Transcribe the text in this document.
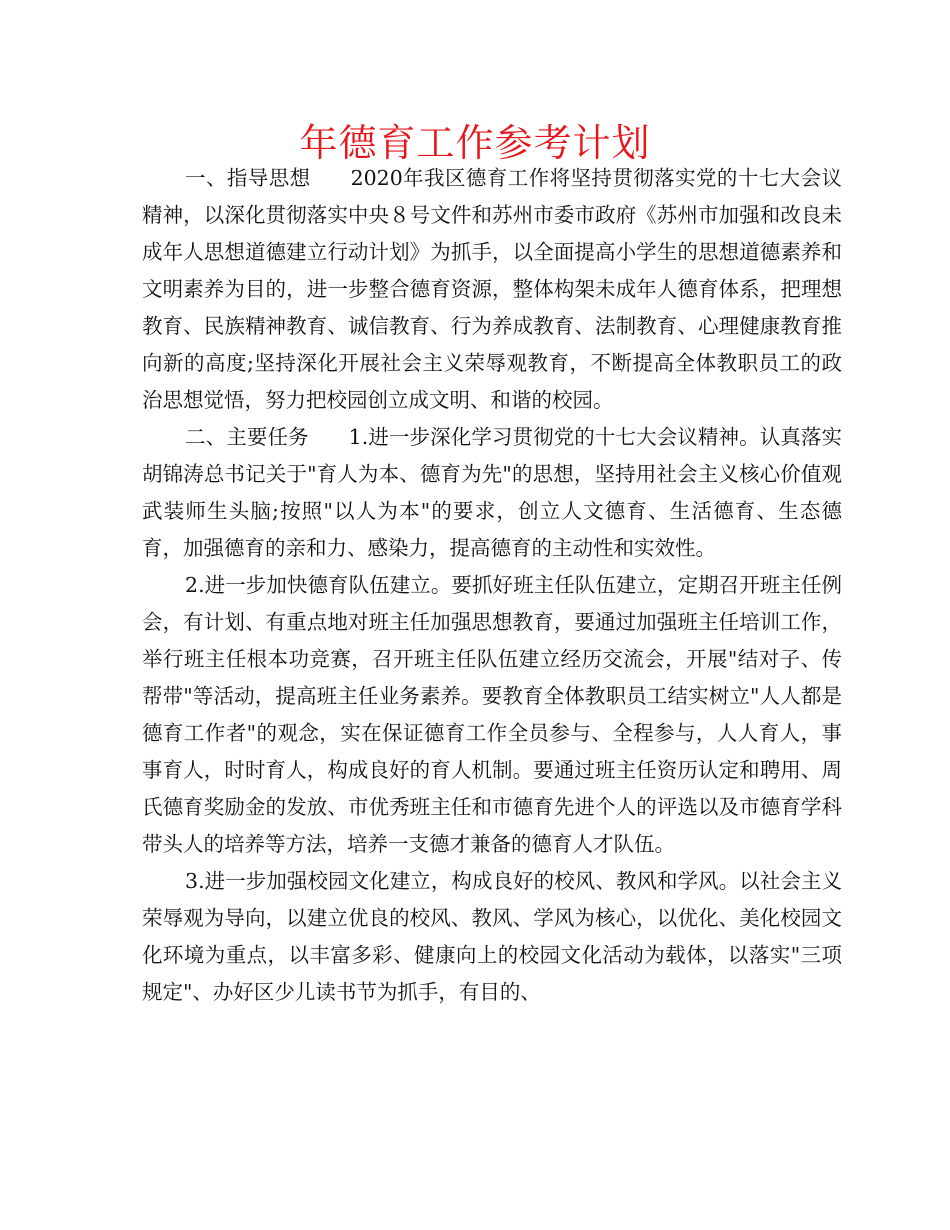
年德育工作参考计划

一、指导思想 2020年我区德育工作将坚持贯彻落实党的十七大会议精神，以深化贯彻落实中央８号文件和苏州市委市政府《苏州市加强和改良未成年人思想道德建立行动计划》为抓手，以全面提高小学生的思想道德素养和文明素养为目的，进一步整合德育资源，整体构架未成年人德育体系，把理想教育、民族精神教育、诚信教育、行为养成教育、法制教育、心理健康教育推向新的高度;坚持深化开展社会主义荣辱观教育，不断提高全体教职员工的政治思想觉悟，努力把校园创立成文明、和谐的校园。

二、主要任务 1.进一步深化学习贯彻党的十七大会议精神。认真落实胡锦涛总书记关于"育人为本、德育为先"的思想，坚持用社会主义核心价值观武装师生头脑;按照"以人为本"的要求，创立人文德育、生活德育、生态德育，加强德育的亲和力、感染力，提高德育的主动性和实效性。

2.进一步加快德育队伍建立。要抓好班主任队伍建立，定期召开班主任例会，有计划、有重点地对班主任加强思想教育，要通过加强班主任培训工作，举行班主任根本功竞赛，召开班主任队伍建立经历交流会，开展"结对子、传帮带"等活动，提高班主任业务素养。要教育全体教职员工结实树立"人人都是德育工作者"的观念，实在保证德育工作全员参与、全程参与，人人育人，事事育人，时时育人，构成良好的育人机制。要通过班主任资历认定和聘用、周氏德育奖励金的发放、市优秀班主任和市德育先进个人的评选以及市德育学科带头人的培养等方法，培养一支德才兼备的德育人才队伍。

3.进一步加强校园文化建立，构成良好的校风、教风和学风。以社会主义荣辱观为导向，以建立优良的校风、教风、学风为核心，以优化、美化校园文化环境为重点，以丰富多彩、健康向上的校园文化活动为载体，以落实"三项规定"、办好区少儿读书节为抓手，有目的、
